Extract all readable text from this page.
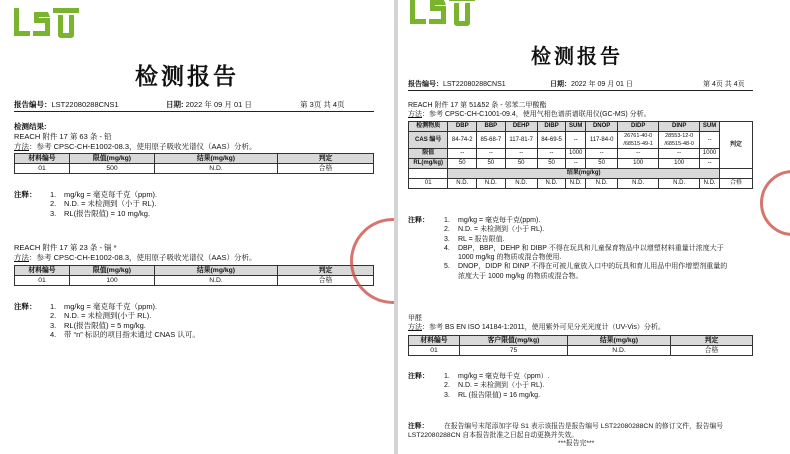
检测报告
报告编号：LST22080288CNS1	日期: 2022 年 09 月 01 日	第 3页 共 4页
检测结果:
REACH 附件 17 第 63 条 - 铅
方法：参考 CPSC-CH-E1002-08.3，使用原子吸收光谱仪（AAS）分析。
材料编号	限值(mg/kg)	结果(mg/kg)	判定
01	500	N.D.	合格
注释： 1. mg/kg = 毫克每千克（ppm).
2. N.D. = 未检测到（小于 RL).
3. RL(报告限值) = 10 mg/kg.
REACH 附件 17 第 23 条 - 镉 *
方法：参考 CPSC-CH-E1002-08.3，使用原子吸收光谱仪（AAS）分析。
材料编号	限值(mg/kg)	结果(mg/kg)	判定
01	100	N.D.	合格
注释： 1. mg/kg = 毫克每千克（ppm).
2. N.D. = 未检测到(小于 RL).
3. RL(报告限值) = 5 mg/kg.
4. 带 “n” 标识的项目指未通过 CNAS 认可。
检测报告
报告编号：LST22080288CNS1	日期：2022 年 09 月 01 日	第 4页 共 4页
REACH 附件 17 第 51&52 条 - 邻苯二甲酸酯
方法：参考 CPSC-CH-C1001-09.4，使用气相色谱质谱联用仪(GC-MS) 分析。
检测物质	DBP	BBP	DEHP	DIBP	SUM	DNOP	DIDP	DINP	SUM	判定
CAS 编号	84-74-2	85-68-7	117-81-7	84-69-5	--	117-84-0	26761-40-0 /68515-49-1	28553-12-0 /68515-48-0	--	
限值	--	--	--	--	1000	--	--	--	1000	
RL(mg/kg)	50	50	50	50	--	50	100	100	--	
	结果(mg/kg)									
01	N.D.	N.D.	N.D.	N.D.	N.D.	N.D.	N.D.	N.D.	N.D.	合格
注释： 1. mg/kg = 毫克每千克(ppm).
2. N.D. = 未检测到（小于 RL).
3. RL = 报告限值.
4. DBP，BBP，DEHP 和 DIBP 不得在玩具和儿童保育物品中以增塑材料重量计浓度大于
1000 mg/kg 的物质或混合物使用.
5. DNOP，DIDP 和 DINP 不得在可被儿童放入口中的玩具和育儿用品中用作增塑剂重量的
浓度大于 1000 mg/kg 的物质或混合物。
甲醛
方法：参考 BS EN ISO 14184-1:2011，使用紫外可见分光光度计（UV-Vis）分析。
材料编号	客户限值(mg/kg)	结果(mg/kg)	判定
01	75	N.D.	合格
注释： 1. mg/kg = 毫克每千克（ppm）.
2. N.D. = 未检测到（小于 RL).
3. RL (报告限值) = 16 mg/kg.
注释： 在报告编号末尾添加字母 S1 表示该报告是报告编号 LST22080288CN 的修订文件，报告编号
LST22080288CN 自本报告批准之日起自动更换并失效。
***报告完***
